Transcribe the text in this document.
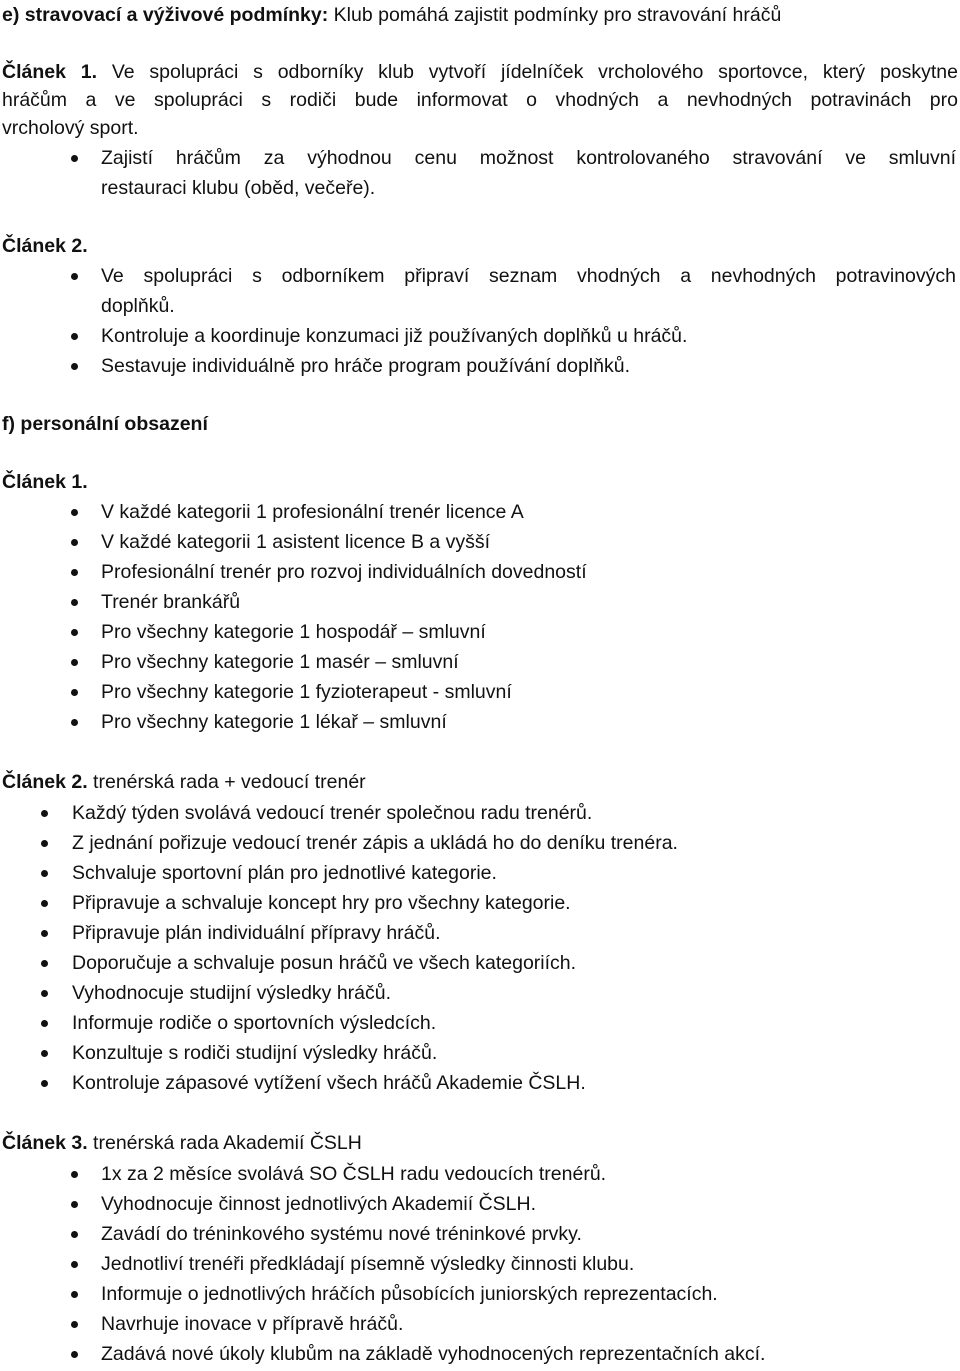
e) stravovací a výživové podmínky: Klub pomáhá zajistit podmínky pro stravování hráčů
Článek 1. Ve spolupráci s odborníky klub vytvoří jídelníček vrcholového sportovce, který poskytne
hráčům a ve spolupráci s rodiči bude informovat o vhodných a nevhodných potravinách pro
vrcholový sport.
Zajistí hráčům za výhodnou cenu možnost kontrolovaného stravování ve smluvní
restauraci klubu (oběd, večeře).
Článek 2.
Ve spolupráci s odborníkem připraví seznam vhodných a nevhodných potravinových
doplňků.
Kontroluje a koordinuje konzumaci již používaných doplňků u hráčů.
Sestavuje individuálně pro hráče program používání doplňků.
f) personální obsazení
Článek 1.
V každé kategorii 1 profesionální trenér licence A
V každé kategorii 1 asistent licence B a vyšší
Profesionální trenér pro rozvoj individuálních dovedností
Trenér brankářů
Pro všechny kategorie 1 hospodář – smluvní
Pro všechny kategorie 1 masér – smluvní
Pro všechny kategorie 1 fyzioterapeut - smluvní
Pro všechny kategorie 1 lékař – smluvní
Článek 2. trenérská rada + vedoucí trenér
Každý týden svolává vedoucí trenér společnou radu trenérů.
Z jednání pořizuje vedoucí trenér zápis a ukládá ho do deníku trenéra.
Schvaluje sportovní plán pro jednotlivé kategorie.
Připravuje a schvaluje koncept hry pro všechny kategorie.
Připravuje plán individuální přípravy hráčů.
Doporučuje a schvaluje posun hráčů ve všech kategoriích.
Vyhodnocuje studijní výsledky hráčů.
Informuje rodiče o sportovních výsledcích.
Konzultuje s rodiči studijní výsledky hráčů.
Kontroluje zápasové vytížení všech hráčů Akademie ČSLH.
Článek 3. trenérská rada Akademií ČSLH
1x za 2 měsíce svolává SO ČSLH radu vedoucích trenérů.
Vyhodnocuje činnost jednotlivých Akademií ČSLH.
Zavádí do tréninkového systému nové tréninkové prvky.
Jednotliví trenéři předkládají písemně výsledky činnosti klubu.
Informuje o jednotlivých hráčích působících juniorských reprezentacích.
Navrhuje inovace v přípravě hráčů.
Zadává nové úkoly klubům na základě vyhodnocených reprezentačních akcí.
